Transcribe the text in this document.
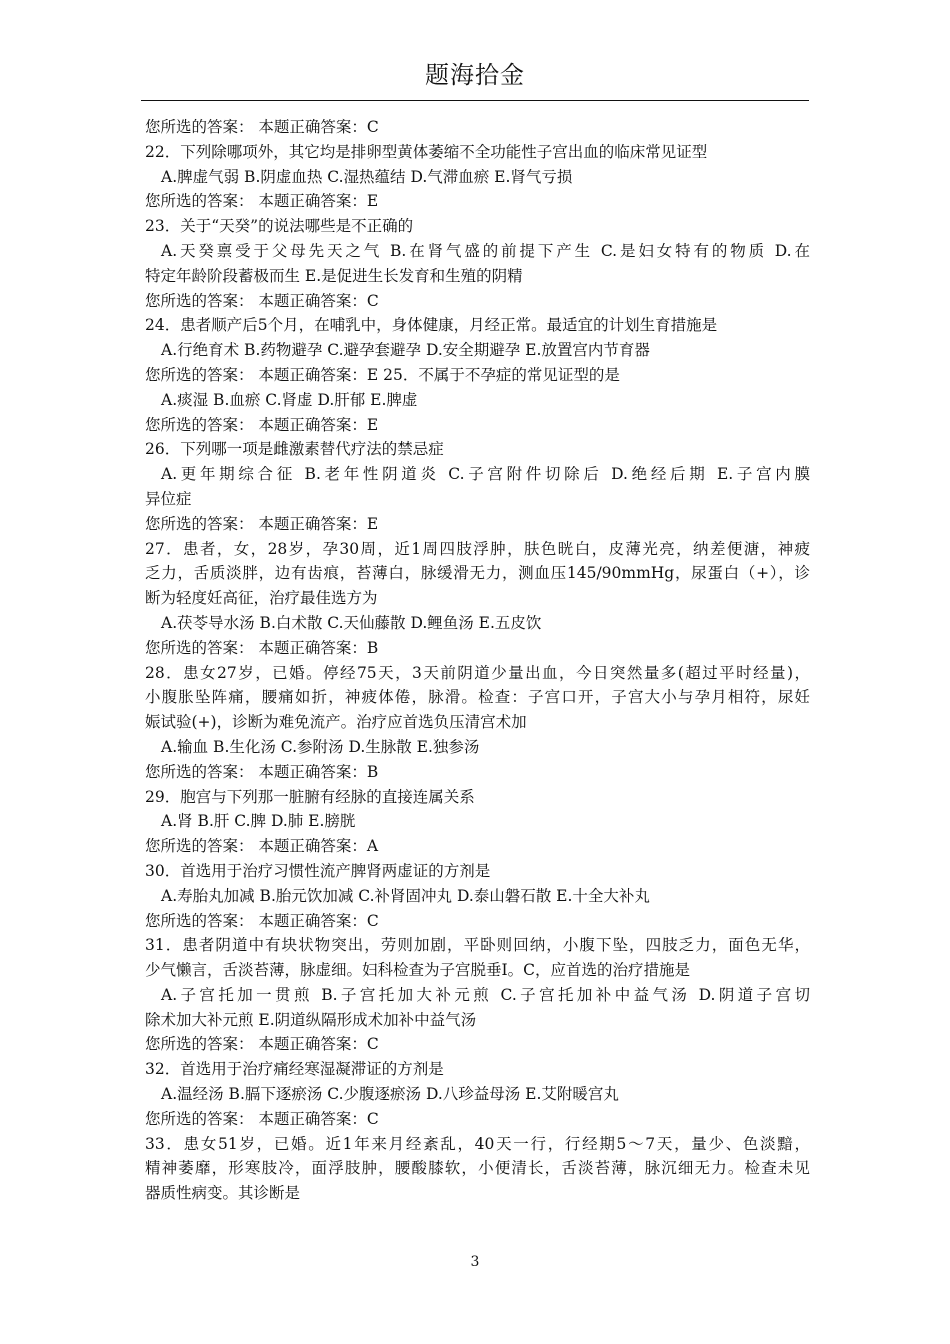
题海拾金
您所选的答案： 本题正确答案：C
22．下列除哪项外，其它均是排卵型黄体萎缩不全功能性子宫出血的临床常见证型
A.脾虚气弱 B.阴虚血热 C.湿热蕴结 D.气滞血瘀 E.肾气亏损
您所选的答案： 本题正确答案：E
23．关于“天癸”的说法哪些是不正确的
A.天癸禀受于父母先天之气 B.在肾气盛的前提下产生 C.是妇女特有的物质 D.在
特定年龄阶段蓄极而生 E.是促进生长发育和生殖的阴精
您所选的答案： 本题正确答案：C
24．患者顺产后5个月，在哺乳中，身体健康，月经正常。最适宜的计划生育措施是
A.行绝育术 B.药物避孕 C.避孕套避孕 D.安全期避孕 E.放置宫内节育器
您所选的答案： 本题正确答案：E 25．不属于不孕症的常见证型的是
A.痰湿 B.血瘀 C.肾虚 D.肝郁 E.脾虚
您所选的答案： 本题正确答案：E
26．下列哪一项是雌激素替代疗法的禁忌症
A.更年期综合征 B.老年性阴道炎 C.子宫附件切除后 D.绝经后期 E.子宫内膜
异位症
您所选的答案： 本题正确答案：E
27．患者，女，28岁，孕30周，近1周四肢浮肿，肤色晄白，皮薄光亮，纳差便溏，神疲
乏力，舌质淡胖，边有齿痕，苔薄白，脉缓滑无力，测血压145/90mmHg，尿蛋白（+），诊
断为轻度妊高征，治疗最佳选方为
A.茯苓导水汤 B.白术散 C.天仙藤散 D.鲤鱼汤 E.五皮饮
您所选的答案： 本题正确答案：B
28．患女27岁，已婚。停经75天，3天前阴道少量出血，今日突然量多(超过平时经量)，
小腹胀坠阵痛，腰痛如折，神疲体倦，脉滑。检查：子宫口开，子宫大小与孕月相符，尿妊
娠试验(+)，诊断为难免流产。治疗应首选负压清宫术加
A.输血 B.生化汤 C.参附汤 D.生脉散 E.独参汤
您所选的答案： 本题正确答案：B
29．胞宫与下列那一脏腑有经脉的直接连属关系
A.肾 B.肝 C.脾 D.肺 E.膀胱
您所选的答案： 本题正确答案：A
30．首选用于治疗习惯性流产脾肾两虚证的方剂是
A.寿胎丸加减 B.胎元饮加减 C.补肾固冲丸 D.泰山磐石散 E.十全大补丸
您所选的答案： 本题正确答案：C
31．患者阴道中有块状物突出，劳则加剧，平卧则回纳，小腹下坠，四肢乏力，面色无华，
少气懒言，舌淡苔薄，脉虚细。妇科检查为子宫脱垂Ⅰ。C，应首选的治疗措施是
A.子宫托加一贯煎 B.子宫托加大补元煎 C.子宫托加补中益气汤 D.阴道子宫切
除术加大补元煎 E.阴道纵隔形成术加补中益气汤
您所选的答案： 本题正确答案：C
32．首选用于治疗痛经寒湿凝滞证的方剂是
A.温经汤 B.膈下逐瘀汤 C.少腹逐瘀汤 D.八珍益母汤 E.艾附暖宫丸
您所选的答案： 本题正确答案：C
33．患女51岁，已婚。近1年来月经紊乱，40天一行，行经期5～7天，量少、色淡黯，
精神萎靡，形寒肢冷，面浮肢肿，腰酸膝软，小便清长，舌淡苔薄，脉沉细无力。检查未见
器质性病变。其诊断是
3
